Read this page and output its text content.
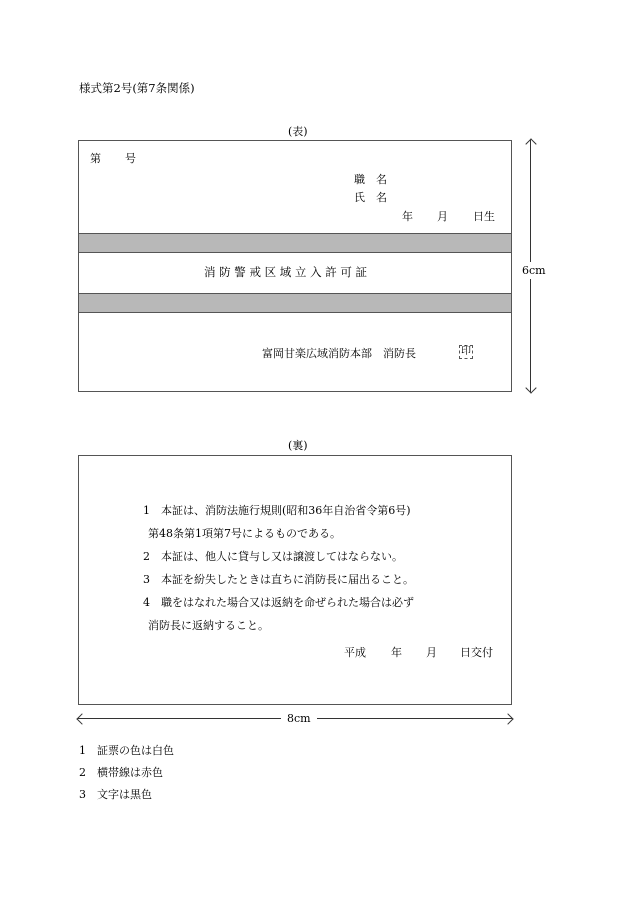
様式第2号(第7条関係)
(表)
第 号
職　名
氏　名
年 月 日生
消 防 警 戒 区 域 立 入 許 可 証
富岡甘楽広域消防本部　消防長	印
6cm
(裏)
1　本証は、消防法施行規則(昭和36年自治省令第6号)
第48条第1項第7号によるものである。
2　本証は、他人に貸与し又は譲渡してはならない。
3　本証を紛失したときは直ちに消防長に届出ること。
4　職をはなれた場合又は返納を命ぜられた場合は必ず
消防長に返納すること。
平成 年 月 日交付
8cm
1　証票の色は白色
2　横帯線は赤色
3　文字は黒色
